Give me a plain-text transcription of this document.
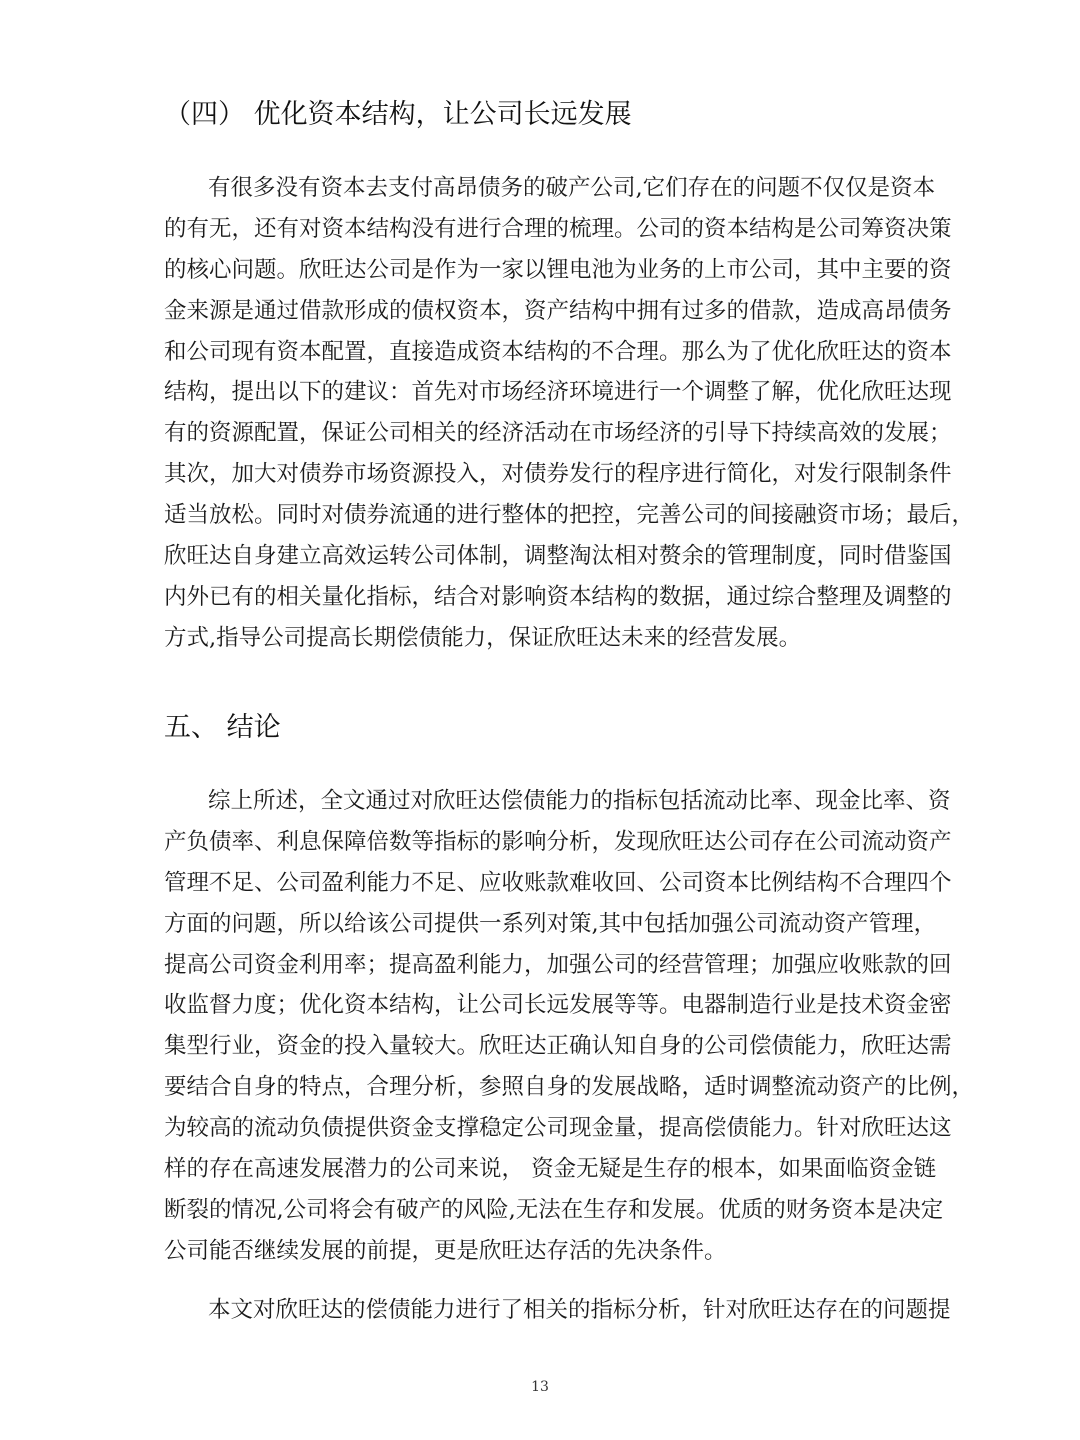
（四） 优化资本结构，让公司长远发展
有很多没有资本去支付高昂债务的破产公司,它们存在的问题不仅仅是资本
的有无，还有对资本结构没有进行合理的梳理。公司的资本结构是公司筹资决策
的核心问题。欣旺达公司是作为一家以锂电池为业务的上市公司，其中主要的资
金来源是通过借款形成的债权资本，资产结构中拥有过多的借款，造成高昂债务
和公司现有资本配置，直接造成资本结构的不合理。那么为了优化欣旺达的资本
结构，提出以下的建议：首先对市场经济环境进行一个调整了解，优化欣旺达现
有的资源配置，保证公司相关的经济活动在市场经济的引导下持续高效的发展；
其次，加大对债券市场资源投入，对债券发行的程序进行简化，对发行限制条件
适当放松。同时对债券流通的进行整体的把控，完善公司的间接融资市场；最后，
欣旺达自身建立高效运转公司体制，调整淘汰相对赘余的管理制度，同时借鉴国
内外已有的相关量化指标，结合对影响资本结构的数据，通过综合整理及调整的
方式,指导公司提高长期偿债能力，保证欣旺达未来的经营发展。
五、 结论
综上所述，全文通过对欣旺达偿债能力的指标包括流动比率、现金比率、资
产负债率、利息保障倍数等指标的影响分析，发现欣旺达公司存在公司流动资产
管理不足、公司盈利能力不足、应收账款难收回、公司资本比例结构不合理四个
方面的问题，所以给该公司提供一系列对策,其中包括加强公司流动资产管理，
提高公司资金利用率；提高盈利能力，加强公司的经营管理；加强应收账款的回
收监督力度；优化资本结构，让公司长远发展等等。电器制造行业是技术资金密
集型行业，资金的投入量较大。欣旺达正确认知自身的公司偿债能力，欣旺达需
要结合自身的特点，合理分析，参照自身的发展战略，适时调整流动资产的比例，
为较高的流动负债提供资金支撑稳定公司现金量，提高偿债能力。针对欣旺达这
样的存在高速发展潜力的公司来说， 资金无疑是生存的根本，如果面临资金链
断裂的情况,公司将会有破产的风险,无法在生存和发展。优质的财务资本是决定
公司能否继续发展的前提，更是欣旺达存活的先决条件。
本文对欣旺达的偿债能力进行了相关的指标分析，针对欣旺达存在的问题提
13
